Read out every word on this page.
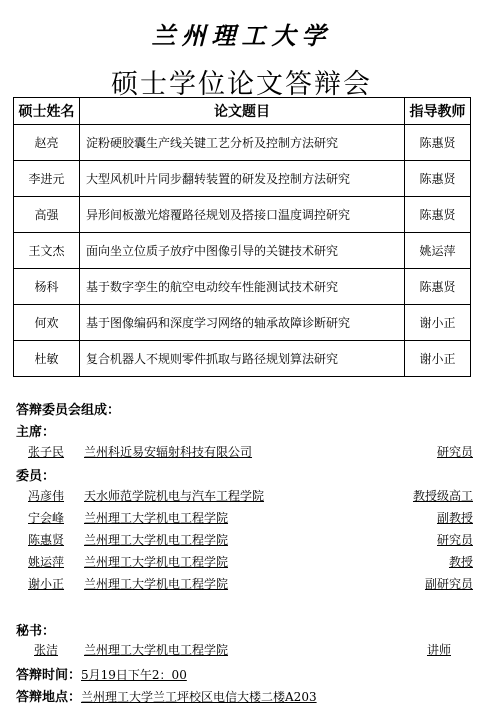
兰州理工大学
硕士学位论文答辩会
硕士姓名	论文题目	指导教师
赵亮	淀粉硬胶囊生产线关键工艺分析及控制方法研究	陈惠贤
李进元	大型风机叶片同步翻转装置的研发及控制方法研究	陈惠贤
高强	异形间板激光熔覆路径规划及搭接口温度调控研究	陈惠贤
王文杰	面向坐立位质子放疗中图像引导的关键技术研究	姚运萍
杨科	基于数字孪生的航空电动绞车性能测试技术研究	陈惠贤
何欢	基于图像编码和深度学习网络的轴承故障诊断研究	谢小正
杜敏	复合机器人不规则零件抓取与路径规划算法研究	谢小正
答辩委员会组成：
主席：
张子民 兰州科近易安辐射科技有限公司	研究员
委员：
冯彦伟 天水师范学院机电与汽车工程学院	教授级高工
宁会峰 兰州理工大学机电工程学院	副教授
陈惠贤 兰州理工大学机电工程学院	研究员
姚运萍 兰州理工大学机电工程学院	教授
谢小正 兰州理工大学机电工程学院	副研究员
秘书：
张洁 兰州理工大学机电工程学院	讲师
答辩时间：5月19日下午2：00
答辩地点：兰州理工大学兰工坪校区电信大楼二楼A203
